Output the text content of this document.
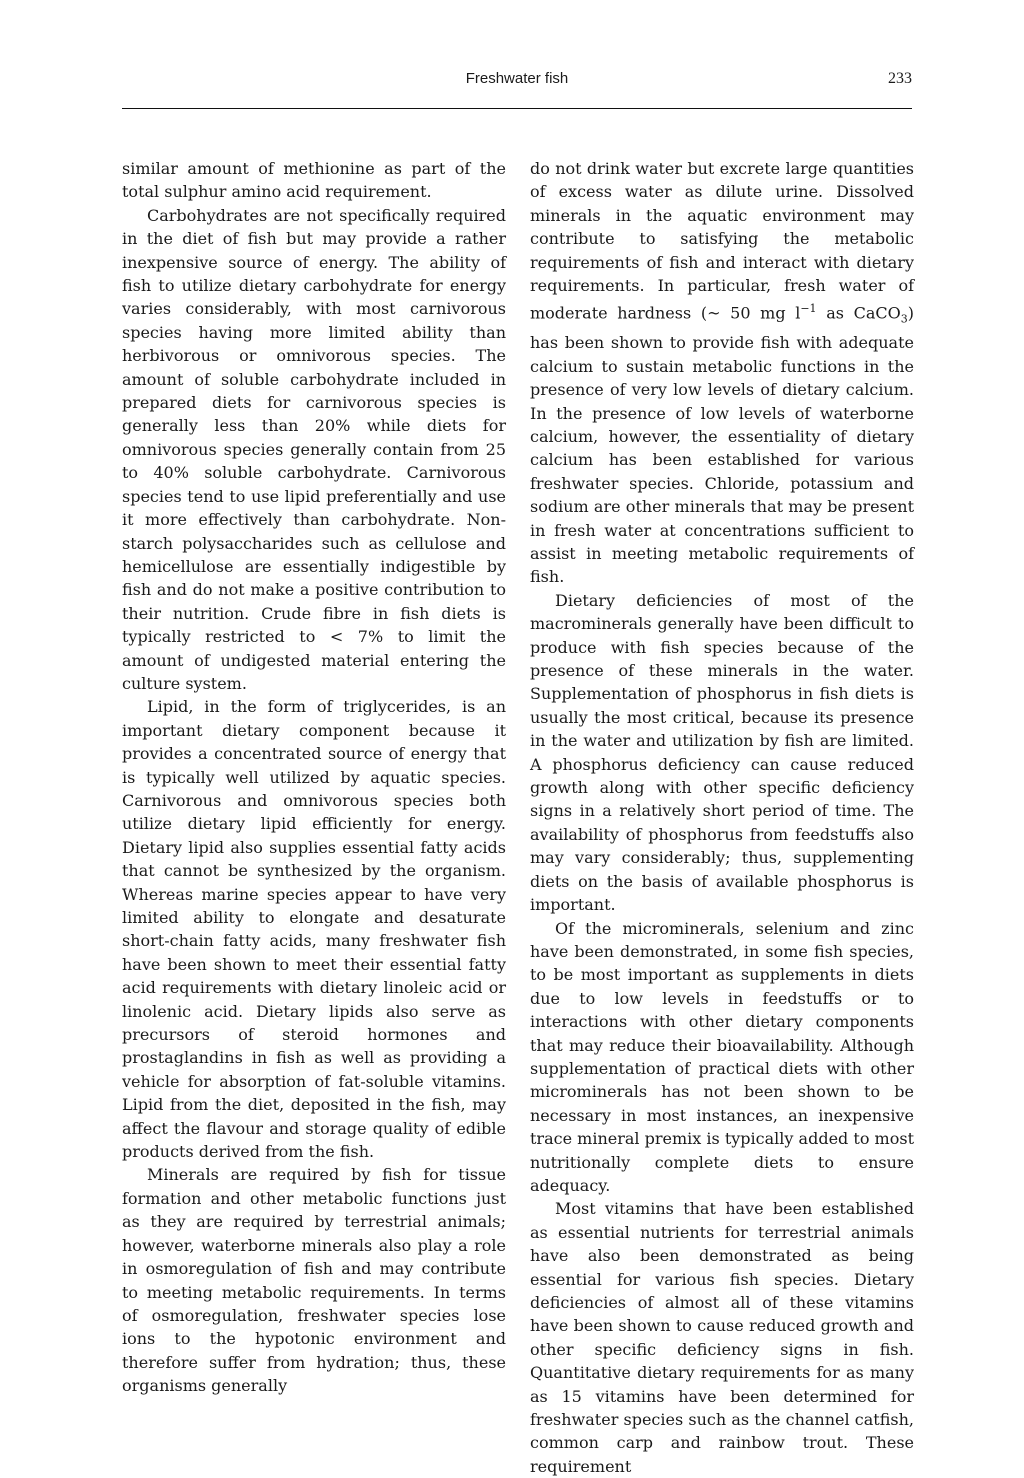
Freshwater fish	233

similar amount of methionine as part of the total sulphur amino acid requirement.

Carbohydrates are not specifically required in the diet of fish but may provide a rather inexpensive source of energy. The ability of fish to utilize dietary carbohydrate for energy varies considerably, with most carnivorous species having more limited ability than herbivorous or omnivorous species. The amount of soluble carbohydrate included in prepared diets for carnivorous species is generally less than 20% while diets for omnivorous species generally contain from 25 to 40% soluble carbohydrate. Carnivorous species tend to use lipid preferentially and use it more effectively than carbohydrate. Non-starch polysaccharides such as cellulose and hemicellulose are essentially indigestible by fish and do not make a positive contribution to their nutrition. Crude fibre in fish diets is typically restricted to < 7% to limit the amount of undigested material entering the culture system.

Lipid, in the form of triglycerides, is an important dietary component because it provides a concentrated source of energy that is typically well utilized by aquatic species. Carnivorous and omnivorous species both utilize dietary lipid efficiently for energy. Dietary lipid also supplies essential fatty acids that cannot be synthesized by the organism. Whereas marine species appear to have very limited ability to elongate and desaturate short-chain fatty acids, many freshwater fish have been shown to meet their essential fatty acid requirements with dietary linoleic acid or linolenic acid. Dietary lipids also serve as precursors of steroid hormones and prostaglandins in fish as well as providing a vehicle for absorption of fat-soluble vitamins. Lipid from the diet, deposited in the fish, may affect the flavour and storage quality of edible products derived from the fish.

Minerals are required by fish for tissue formation and other metabolic functions just as they are required by terrestrial animals; however, waterborne minerals also play a role in osmoregulation of fish and may contribute to meeting metabolic requirements. In terms of osmoregulation, freshwater species lose ions to the hypotonic environment and therefore suffer from hydration; thus, these organisms generally

do not drink water but excrete large quantities of excess water as dilute urine. Dissolved minerals in the aquatic environment may contribute to satisfying the metabolic requirements of fish and interact with dietary requirements. In particular, fresh water of moderate hardness (~ 50 mg $l^{-1}$ as CaCO$_3$) has been shown to provide fish with adequate calcium to sustain metabolic functions in the presence of very low levels of dietary calcium. In the presence of low levels of waterborne calcium, however, the essentiality of dietary calcium has been established for various freshwater species. Chloride, potassium and sodium are other minerals that may be present in fresh water at concentrations sufficient to assist in meeting metabolic requirements of fish.

Dietary deficiencies of most of the macrominerals generally have been difficult to produce with fish species because of the presence of these minerals in the water. Supplementation of phosphorus in fish diets is usually the most critical, because its presence in the water and utilization by fish are limited. A phosphorus deficiency can cause reduced growth along with other specific deficiency signs in a relatively short period of time. The availability of phosphorus from feedstuffs also may vary considerably; thus, supplementing diets on the basis of available phosphorus is important.

Of the microminerals, selenium and zinc have been demonstrated, in some fish species, to be most important as supplements in diets due to low levels in feedstuffs or to interactions with other dietary components that may reduce their bioavailability. Although supplementation of practical diets with other microminerals has not been shown to be necessary in most instances, an inexpensive trace mineral premix is typically added to most nutritionally complete diets to ensure adequacy.

Most vitamins that have been established as essential nutrients for terrestrial animals have also been demonstrated as being essential for various fish species. Dietary deficiencies of almost all of these vitamins have been shown to cause reduced growth and other specific deficiency signs in fish. Quantitative dietary requirements for as many as 15 vitamins have been determined for freshwater species such as the channel catfish, common carp and rainbow trout. These requirement
